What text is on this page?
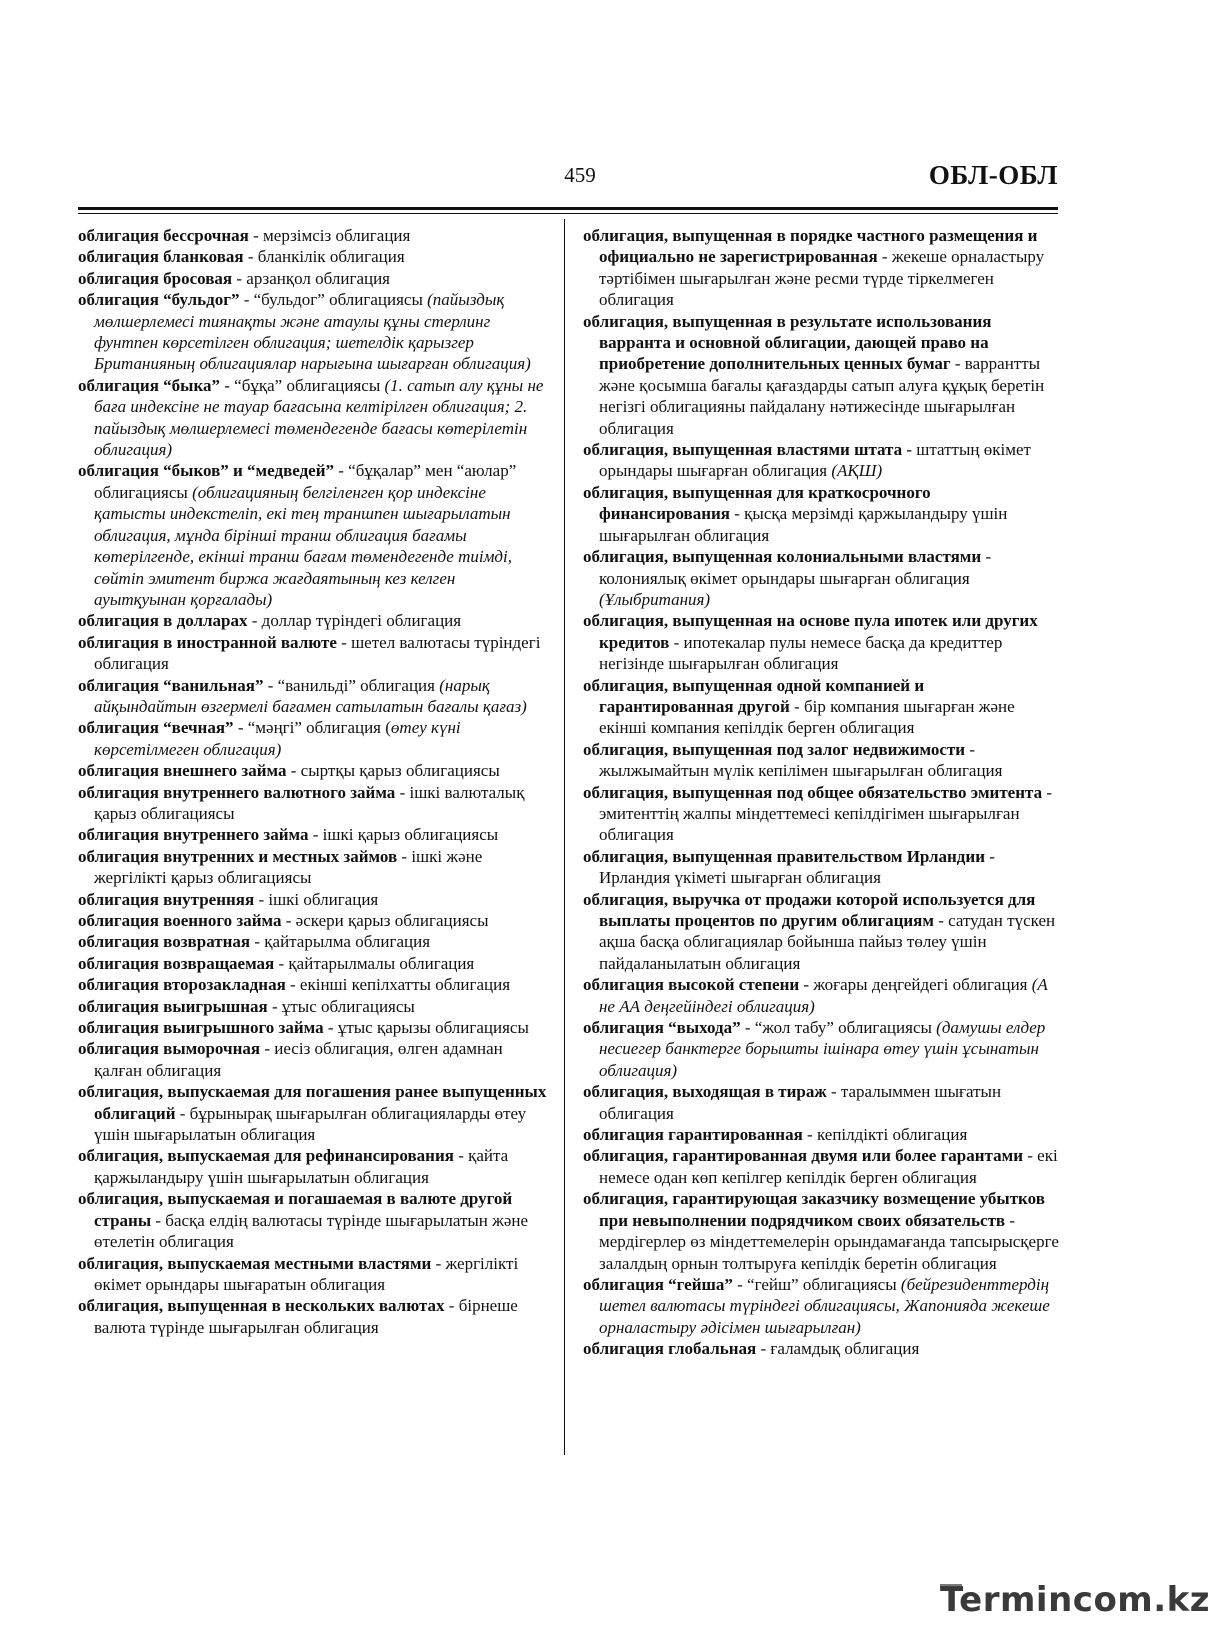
459	ОБЛ-ОБЛ

облигация бессрочная - мерзімсіз облигация

облигация бланковая - бланкілік облигация

облигация бросовая - арзанқол облигация

облигация “бульдог” - “бульдог” облигациясы (пайыздық мөлшерлемесі тиянақты және атаулы құны стерлинг фунтпен көрсетілген облигация; шетелдік қарызгер Британияның облигациялар нарығына шығарған облигация)

облигация “быка” - “бұқа” облигациясы (1. сатып алу құны не баға индексіне не тауар бағасына келтірілген облигация; 2. пайыздық мөлшерлемесі төмендегенде бағасы көтерілетін облигация)

облигация “быков” и “медведей” - “бұқалар” мен “аюлар” облигациясы (облигацияның белгіленген қор индексіне қатысты индекстеліп, екі тең траншпен шығарылатын облигация, мұнда бірінші транш облигация бағамы көтерілгенде, екінші транш бағам төмендегенде тиімді, сөйтіп эмитент биржа жағдаятының кез келген ауытқуынан қорғалады)

облигация в долларах - доллар түріндегі облигация

облигация в иностранной валюте - шетел валютасы түріндегі облигация

облигация “ванильная” - “ванильді” облигация (нарық айқындайтын өзгермелі бағамен сатылатын бағалы қағаз)

облигация “вечная” - “мәңгі” облигация (өтеу күні көрсетілмеген облигация)

облигация внешнего займа - сыртқы қарыз облигациясы

облигация внутреннего валютного займа - ішкі валюталық қарыз облигациясы

облигация внутреннего займа - ішкі қарыз облигациясы

облигация внутренних и местных займов - ішкі және жергілікті қарыз облигациясы

облигация внутренняя - ішкі облигация

облигация военного займа - әскери қарыз облигациясы

облигация возвратная - қайтарылма облигация

облигация возвращаемая - қайтарылмалы облигация

облигация второзакладная - екінші кепілхатты облигация

облигация выигрышная - ұтыс облигациясы

облигация выигрышного займа - ұтыс қарызы облигациясы

облигация выморочная - иесіз облигация, өлген адамнан қалған облигация

облигация, выпускаемая для погашения ранее выпущенных облигаций - бұрынырақ шығарылған облигацияларды өтеу үшін шығарылатын облигация

облигация, выпускаемая для рефинансирования - қайта қаржыландыру үшін шығарылатын облигация

облигация, выпускаемая и погашаемая в валюте другой страны - басқа елдің валютасы түрінде шығарылатын және өтелетін облигация

облигация, выпускаемая местными властями - жергілікті өкімет орындары шығаратын облигация

облигация, выпущенная в нескольких валютах - бірнеше валюта түрінде шығарылған облигация

облигация, выпущенная в порядке частного размещения и официально не зарегистрированная - жекеше орналастыру тәртібімен шығарылған және ресми түрде тіркелмеген облигация

облигация, выпущенная в результате использования варранта и основной облигации, дающей право на приобретение дополнительных ценных бумаг - варрантты және қосымша бағалы қағаздарды сатып алуға құқық беретін негізгі облигацияны пайдалану нәтижесінде шығарылған облигация

облигация, выпущенная властями штата - штаттың өкімет орындары шығарған облигация (АҚШ)

облигация, выпущенная для краткосрочного финансирования - қысқа мерзімді қаржыландыру үшін шығарылған облигация

облигация, выпущенная колониальными властями - колониялық өкімет орындары шығарған облигация (Ұлыбритания)

облигация, выпущенная на основе пула ипотек или других кредитов - ипотекалар пулы немесе басқа да кредиттер негізінде шығарылған облигация

облигация, выпущенная одной компанией и гарантированная другой - бір компания шығарған және екінші компания кепілдік берген облигация

облигация, выпущенная под залог недвижимости - жылжымайтын мүлік кепілімен шығарылған облигация

облигация, выпущенная под общее обязательство эмитента - эмитенттің жалпы міндеттемесі кепілдігімен шығарылған облигация

облигация, выпущенная правительством Ирландии - Ирландия үкіметі шығарған облигация

облигация, выручка от продажи которой используется для выплаты процентов по другим облигациям - сатудан түскен ақша басқа облигациялар бойынша пайыз төлеу үшін пайдаланылатын облигация

облигация высокой степени - жоғары деңгейдегі облигация (А не АА деңгейіндегі облигация)

облигация “выхода” - “жол табу” облигациясы (дамушы елдер несиегер банктерге борышты ішінара өтеу үшін ұсынатын облигация)

облигация, выходящая в тираж - таралыммен шығатын облигация

облигация гарантированная - кепілдікті облигация

облигация, гарантированная двумя или более гарантами - екі немесе одан көп кепілгер кепілдік берген облигация

облигация, гарантирующая заказчику возмещение убытков при невыполнении подрядчиком своих обязательств - мердігерлер өз міндеттемелерін орындамағанда тапсырысқерге залалдың орнын толтыруға кепілдік беретін облигация

облигация “гейша” - “гейш” облигациясы (бейрезиденттердің шетел валютасы түріндегі облигациясы, Жапонияда жекеше орналастыру әдісімен шығарылған)

облигация глобальная - ғаламдық облигация

Termincom.kz
